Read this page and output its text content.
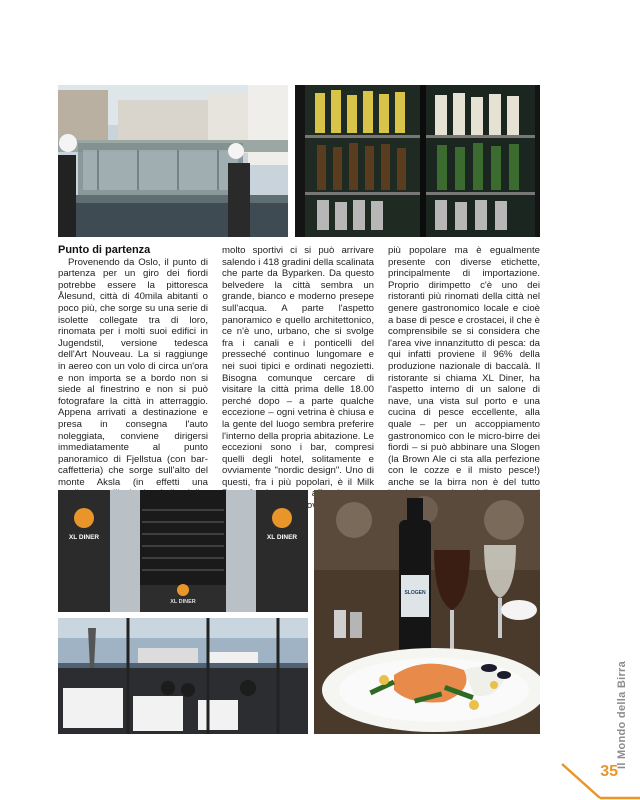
Punto di partenza

Provenendo da Oslo, il punto di partenza per un giro dei fiordi potrebbe essere la pittoresca Ålesund, città di 40mila abitanti o poco più, che sorge su una serie di isolette collegate tra di loro, rinomata per i molti suoi edifici in Jugendstil, versione tedesca dell'Art Nouveau. La si raggiunge in aereo con un volo di circa un'ora e non importa se a bordo non si siede al finestrino e non si può fotografare la città in atterraggio. Appena arrivati a destinazione e presa in consegna l'auto noleggiata, conviene dirigersi immediatamente al punto panoramico di Fjellstua (con bar-caffetteria) che sorge sull'alto del monte Aksla (in effetti una

molto sportivi ci si può arrivare salendo i 418 gradini della scalinata che parte da Byparken. Da questo belvedere la città sembra un grande, bianco e moderno presepe sull'acqua. A parte l'aspetto panoramico e quello architettonico, ce n'è uno, urbano, che si svolge fra i canali e i ponticelli del presseché continuo lungomare e nei suoi tipici e ordinati negozietti. Bisogna comunque cercare di visitare la città prima delle 18.00 perché dopo – a parte qualche eccezione – ogni vetrina è chiusa e la gente del luogo sembra preferire l'interno della propria abitazione. Le eccezioni sono i bar, compresi quelli degli hotel, solitamente e ovviamente "nordic design". Uno di questi, fra i più popolari, è il Milk dove

più popolare ma è egualmente presente con diverse etichette, principalmente di importazione. Proprio dirimpetto c'è uno dei ristoranti più rinomati della città nel genere gastronomico locale e cioè a base di pesce e crostacei, il che è comprensibile se si considera che l'area vive innanzitutto di pesca: da qui infatti proviene il 96% della produzione nazionale di baccalà. Il ristorante si chiama XL Diner, ha l'aspetto interno di un salone di nave, una vista sul porto e una cucina di pesce eccellente, alla quale – per un accoppiamento gastronomico con le micro-birre dei fiordi – si può abbinare una Slogen (la Brown Ale ci sta alla perfezione con le cozze e il misto pesce!) anche se la birra non è del tutto

XL DINER	XL DINER
XL DINER
SLOGEN
Il Mondo della Birra
35
